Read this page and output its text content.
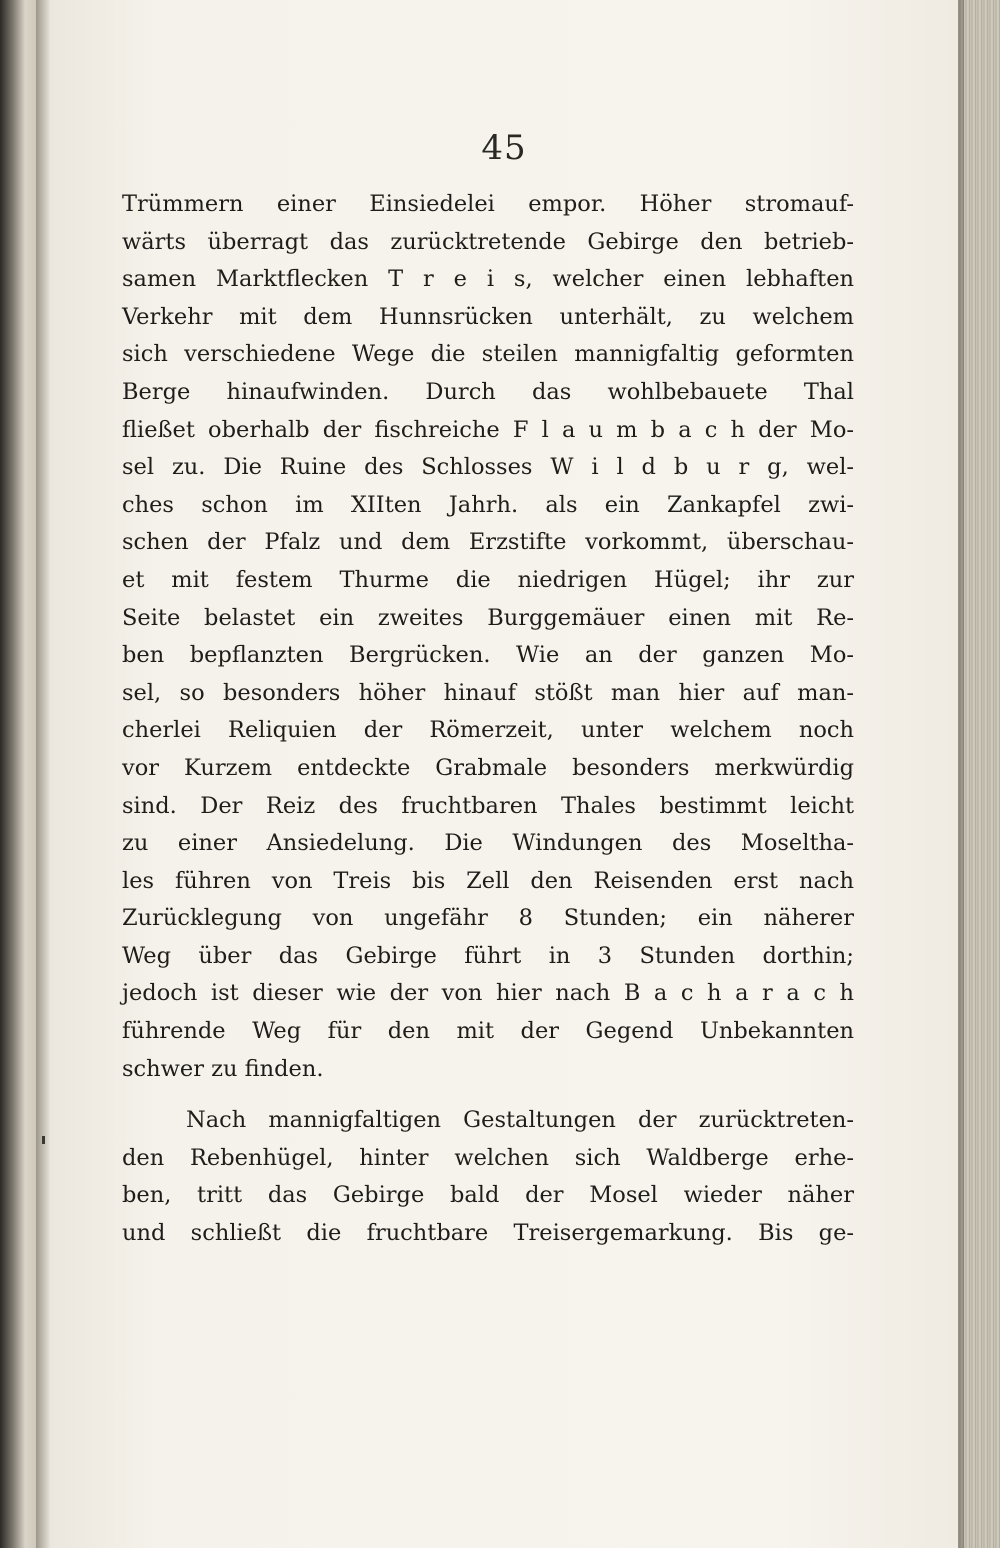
45
Trümmern einer Einsiedelei empor. Höher stromauf-
wärts überragt das zurücktretende Gebirge den betrieb-
samen Marktflecken T r e i s, welcher einen lebhaften
Verkehr mit dem Hunnsrücken unterhält, zu welchem
sich verschiedene Wege die steilen mannigfaltig geformten
Berge hinaufwinden. Durch das wohlbebauete Thal
fließet oberhalb der fischreiche F l a u m b a c h der Mo-
sel zu. Die Ruine des Schlosses W i l d b u r g, wel-
ches schon im XIIten Jahrh. als ein Zankapfel zwi-
schen der Pfalz und dem Erzstifte vorkommt, überschau-
et mit festem Thurme die niedrigen Hügel; ihr zur
Seite belastet ein zweites Burggemäuer einen mit Re-
ben bepflanzten Bergrücken. Wie an der ganzen Mo-
sel, so besonders höher hinauf stößt man hier auf man-
cherlei Reliquien der Römerzeit, unter welchem noch
vor Kurzem entdeckte Grabmale besonders merkwürdig
sind. Der Reiz des fruchtbaren Thales bestimmt leicht
zu einer Ansiedelung. Die Windungen des Moseltha-
les führen von Treis bis Zell den Reisenden erst nach
Zurücklegung von ungefähr 8 Stunden; ein näherer
Weg über das Gebirge führt in 3 Stunden dorthin;
jedoch ist dieser wie der von hier nach B a c h a r a c h
führende Weg für den mit der Gegend Unbekannten
schwer zu finden.
Nach mannigfaltigen Gestaltungen der zurücktreten-
den Rebenhügel, hinter welchen sich Waldberge erhe-
ben, tritt das Gebirge bald der Mosel wieder näher
und schließt die fruchtbare Treisergemarkung. Bis ge-
